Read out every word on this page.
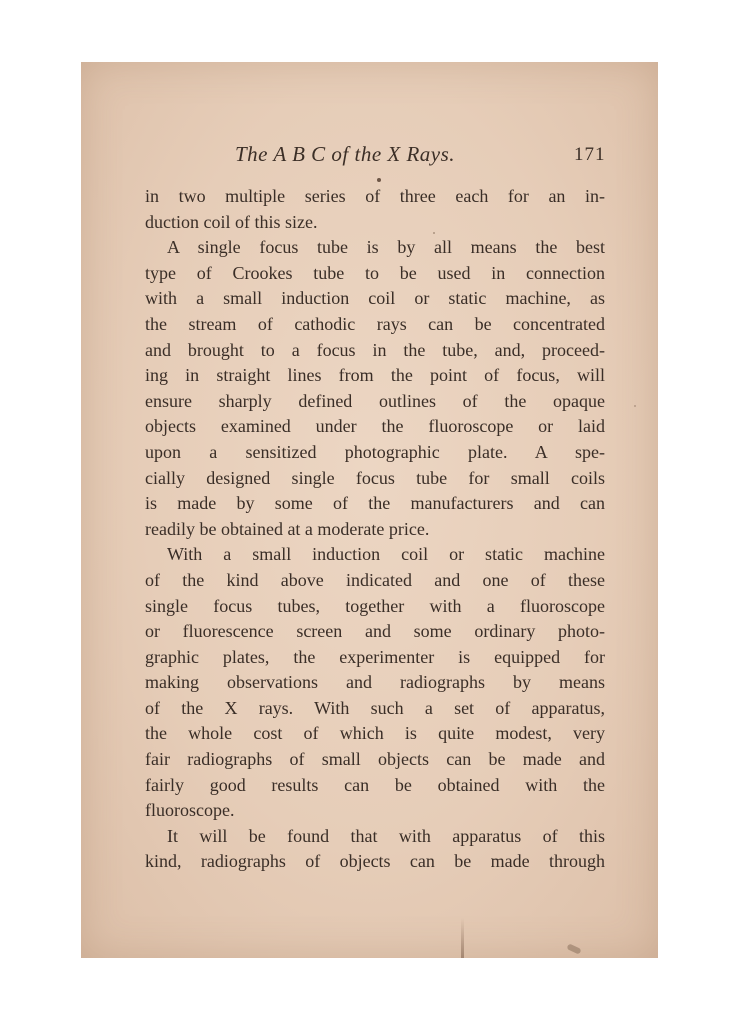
The A B C of the X Rays.	171
in two multiple series of three each for an in-
duction coil of this size.
A single focus tube is by all means the best
type of Crookes tube to be used in connection
with a small induction coil or static machine, as
the stream of cathodic rays can be concentrated
and brought to a focus in the tube, and, proceed-
ing in straight lines from the point of focus, will
ensure sharply defined outlines of the opaque
objects examined under the fluoroscope or laid
upon a sensitized photographic plate. A spe-
cially designed single focus tube for small coils
is made by some of the manufacturers and can
readily be obtained at a moderate price.
With a small induction coil or static machine
of the kind above indicated and one of these
single focus tubes, together with a fluoroscope
or fluorescence screen and some ordinary photo-
graphic plates, the experimenter is equipped for
making observations and radiographs by means
of the X rays. With such a set of apparatus,
the whole cost of which is quite modest, very
fair radiographs of small objects can be made and
fairly good results can be obtained with the
fluoroscope.
It will be found that with apparatus of this
kind, radiographs of objects can be made through
